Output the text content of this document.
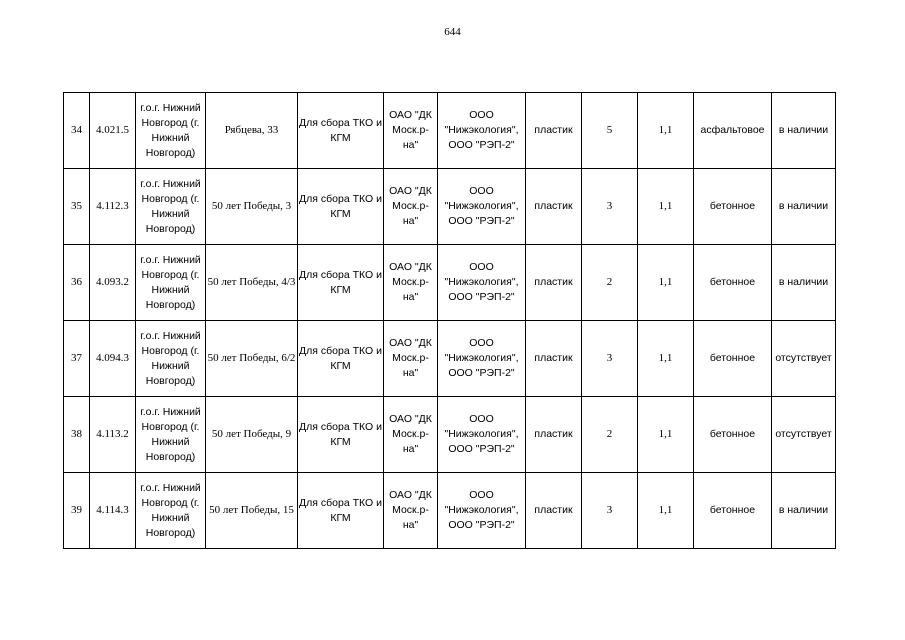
644
34	4.021.5	г.о.г. Нижний Новгород (г. Нижний Новгород)	Рябцева, 33	Для сбора ТКО и КГМ	ОАО "ДК Моск.р-на"	ООО "Нижэкология", ООО "РЭП-2"	пластик	5	1,1	асфальтовое	в наличии
35	4.112.3	г.о.г. Нижний Новгород (г. Нижний Новгород)	50 лет Победы, 3	Для сбора ТКО и КГМ	ОАО "ДК Моск.р-на"	ООО "Нижэкология", ООО "РЭП-2"	пластик	3	1,1	бетонное	в наличии
36	4.093.2	г.о.г. Нижний Новгород (г. Нижний Новгород)	50 лет Победы, 4/3	Для сбора ТКО и КГМ	ОАО "ДК Моск.р-на"	ООО "Нижэкология", ООО "РЭП-2"	пластик	2	1,1	бетонное	в наличии
37	4.094.3	г.о.г. Нижний Новгород (г. Нижний Новгород)	50 лет Победы, 6/2	Для сбора ТКО и КГМ	ОАО "ДК Моск.р-на"	ООО "Нижэкология", ООО "РЭП-2"	пластик	3	1,1	бетонное	отсутствует
38	4.113.2	г.о.г. Нижний Новгород (г. Нижний Новгород)	50 лет Победы, 9	Для сбора ТКО и КГМ	ОАО "ДК Моск.р-на"	ООО "Нижэкология", ООО "РЭП-2"	пластик	2	1,1	бетонное	отсутствует
39	4.114.3	г.о.г. Нижний Новгород (г. Нижний Новгород)	50 лет Победы, 15	Для сбора ТКО и КГМ	ОАО "ДК Моск.р-на"	ООО "Нижэкология", ООО "РЭП-2"	пластик	3	1,1	бетонное	в наличии
